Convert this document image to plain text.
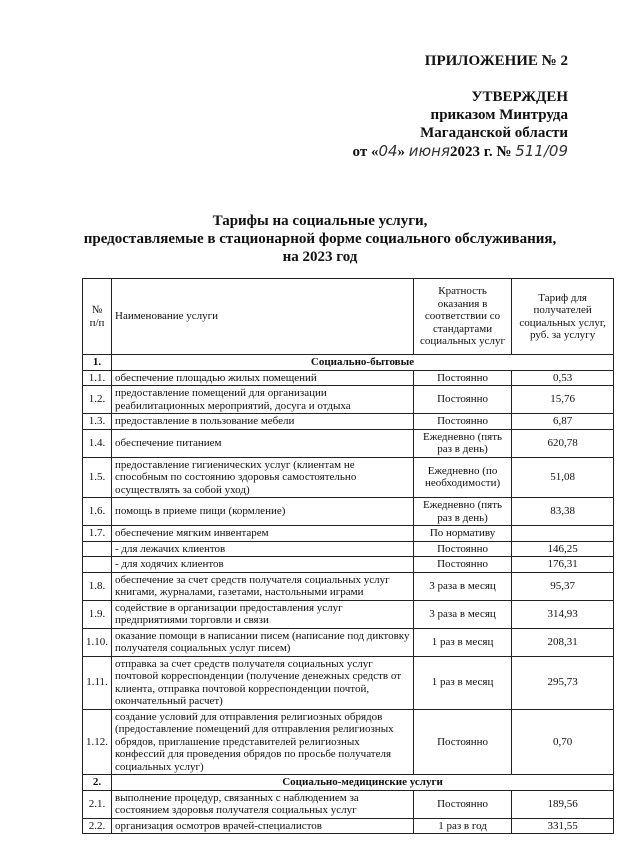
ПРИЛОЖЕНИЕ № 2
УТВЕРЖДЕН
приказом Минтруда
Магаданской области
от «04» июня2023 г. № 511/09
Тарифы на социальные услуги,
предоставляемые в стационарной форме социального обслуживания,
на 2023 год
№ п/п	Наименование услуги	Кратность оказания в соответствии со стандартами социальных услуг	Тариф для получателей социальных услуг, руб. за услугу
1.	Социально-бытовые		
1.1.	обеспечение площадью жилых помещений	Постоянно	0,53
1.2.	предоставление помещений для организации реабилитационных мероприятий, досуга и отдыха	Постоянно	15,76
1.3.	предоставление в пользование мебели	Постоянно	6,87
1.4.	обеспечение питанием	Ежедневно (пять раз в день)	620,78
1.5.	предоставление гигиенических услуг (клиентам не способным по состоянию здоровья самостоятельно осуществлять за собой уход)	Ежедневно (по необходимости)	51,08
1.6.	помощь в приеме пищи (кормление)	Ежедневно (пять раз в день)	83,38
1.7.	обеспечение мягким инвентарем	По нормативу	
	- для лежачих клиентов	Постоянно	146,25
	- для ходячих клиентов	Постоянно	176,31
1.8.	обеспечение за счет средств получателя социальных услуг книгами, журналами, газетами, настольными играми	3 раза в месяц	95,37
1.9.	содействие в организации предоставления услуг предприятиями торговли и связи	3 раза в месяц	314,93
1.10.	оказание помощи в написании писем (написание под диктовку получателя социальных услуг писем)	1 раз в месяц	208,31
1.11.	отправка за счет средств получателя социальных услуг почтовой корреспонденции (получение денежных средств от клиента, отправка почтовой корреспонденции почтой, окончательный расчет)	1 раз в месяц	295,73
1.12.	создание условий для отправления религиозных обрядов (предоставление помещений для отправления религиозных обрядов, приглашение представителей религиозных конфессий для проведения обрядов по просьбе получателя социальных услуг)	Постоянно	0,70
2.	Социально-медицинские услуги		
2.1.	выполнение процедур, связанных с наблюдением за состоянием здоровья получателя социальных услуг	Постоянно	189,56
2.2.	организация осмотров врачей-специалистов	1 раз в год	331,55
